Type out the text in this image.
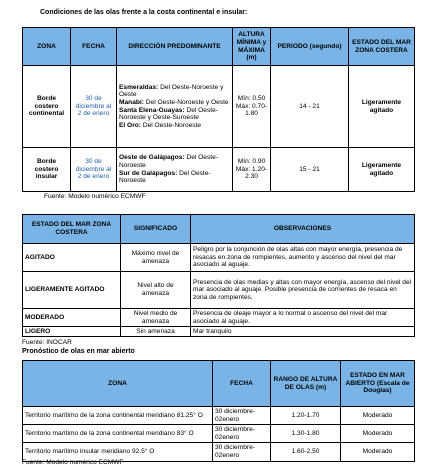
Condiciones de las olas frente a la costa continental e insular:
ZONA	FECHA	DIRECCIÓN PREDOMINANTE	ALTURA MÍNIMA y MÁXIMA (m)	PERIODO (segundo)	ESTADO DEL MAR ZONA COSTERA
Borde costero continental	30 de diciembre al 2 de enero	Esmeraldas: Del Oeste-Noroeste y Oeste
Manabí: Del Oeste-Noroeste y Oeste
Santa Elena-Guayas: Del Oeste-Noroeste y Oeste-Suroeste
El Oro: Del Oeste-Noroeste	Mín: 0.50 Máx: 0.70-1.80	14 - 21	Ligeramente agitado
Borde costero insular	30 de diciembre al 2 de enero	Oeste de Galápagos: Del Oeste-Noroeste
Sur de Galápagos: Del Oeste-Noroeste	Mín: 0.90 Máx: 1.20-2.30	15 - 21	Ligeramente agitado
Fuente: Modelo numérico ECMWF
ESTADO DEL MAR ZONA COSTERA	SIGNIFICADO	OBSERVACIONES
AGITADO	Máximo nivel de amenaza	Peligro por la conjunción de olas altas con mayor energía, presencia de resacas en zona de rompientes, aumento y ascenso del nivel del mar asociado al aguaje.
LIGERAMENTE AGITADO	Nivel alto de amenaza	Presencia de olas medias y altas con mayor energía, ascenso del nivel del mar asociado al aguaje. Posible presencia de corrientes de resaca en zona de rompientes.
MODERADO	Nivel medio de amenaza	Presencia de oleaje mayor a lo normal o ascenso del nivel del mar asociado al aguaje.
LIGERO	Sin amenaza	Mar tranquilo
Fuente: INOCAR
Pronóstico de olas en mar abierto
ZONA	FECHA	RANGO DE ALTURA DE OLAS (m)	ESTADO EN MAR ABIERTO (Escala de Douglas)
Territorio marítimo de la zona continental meridiano 81.25° O	30 diciembre-02enero	1.20-1.70	Moderado
Territorio marítimo de la zona continental meridiano 83° O	30 diciembre-02enero	1.30-1.80	Moderado
Territorio marítimo insular meridiano 92.5° O	30 diciembre-02enero	1.60-2.50	Moderado
Fuente: Modelo numérico ECMWF
